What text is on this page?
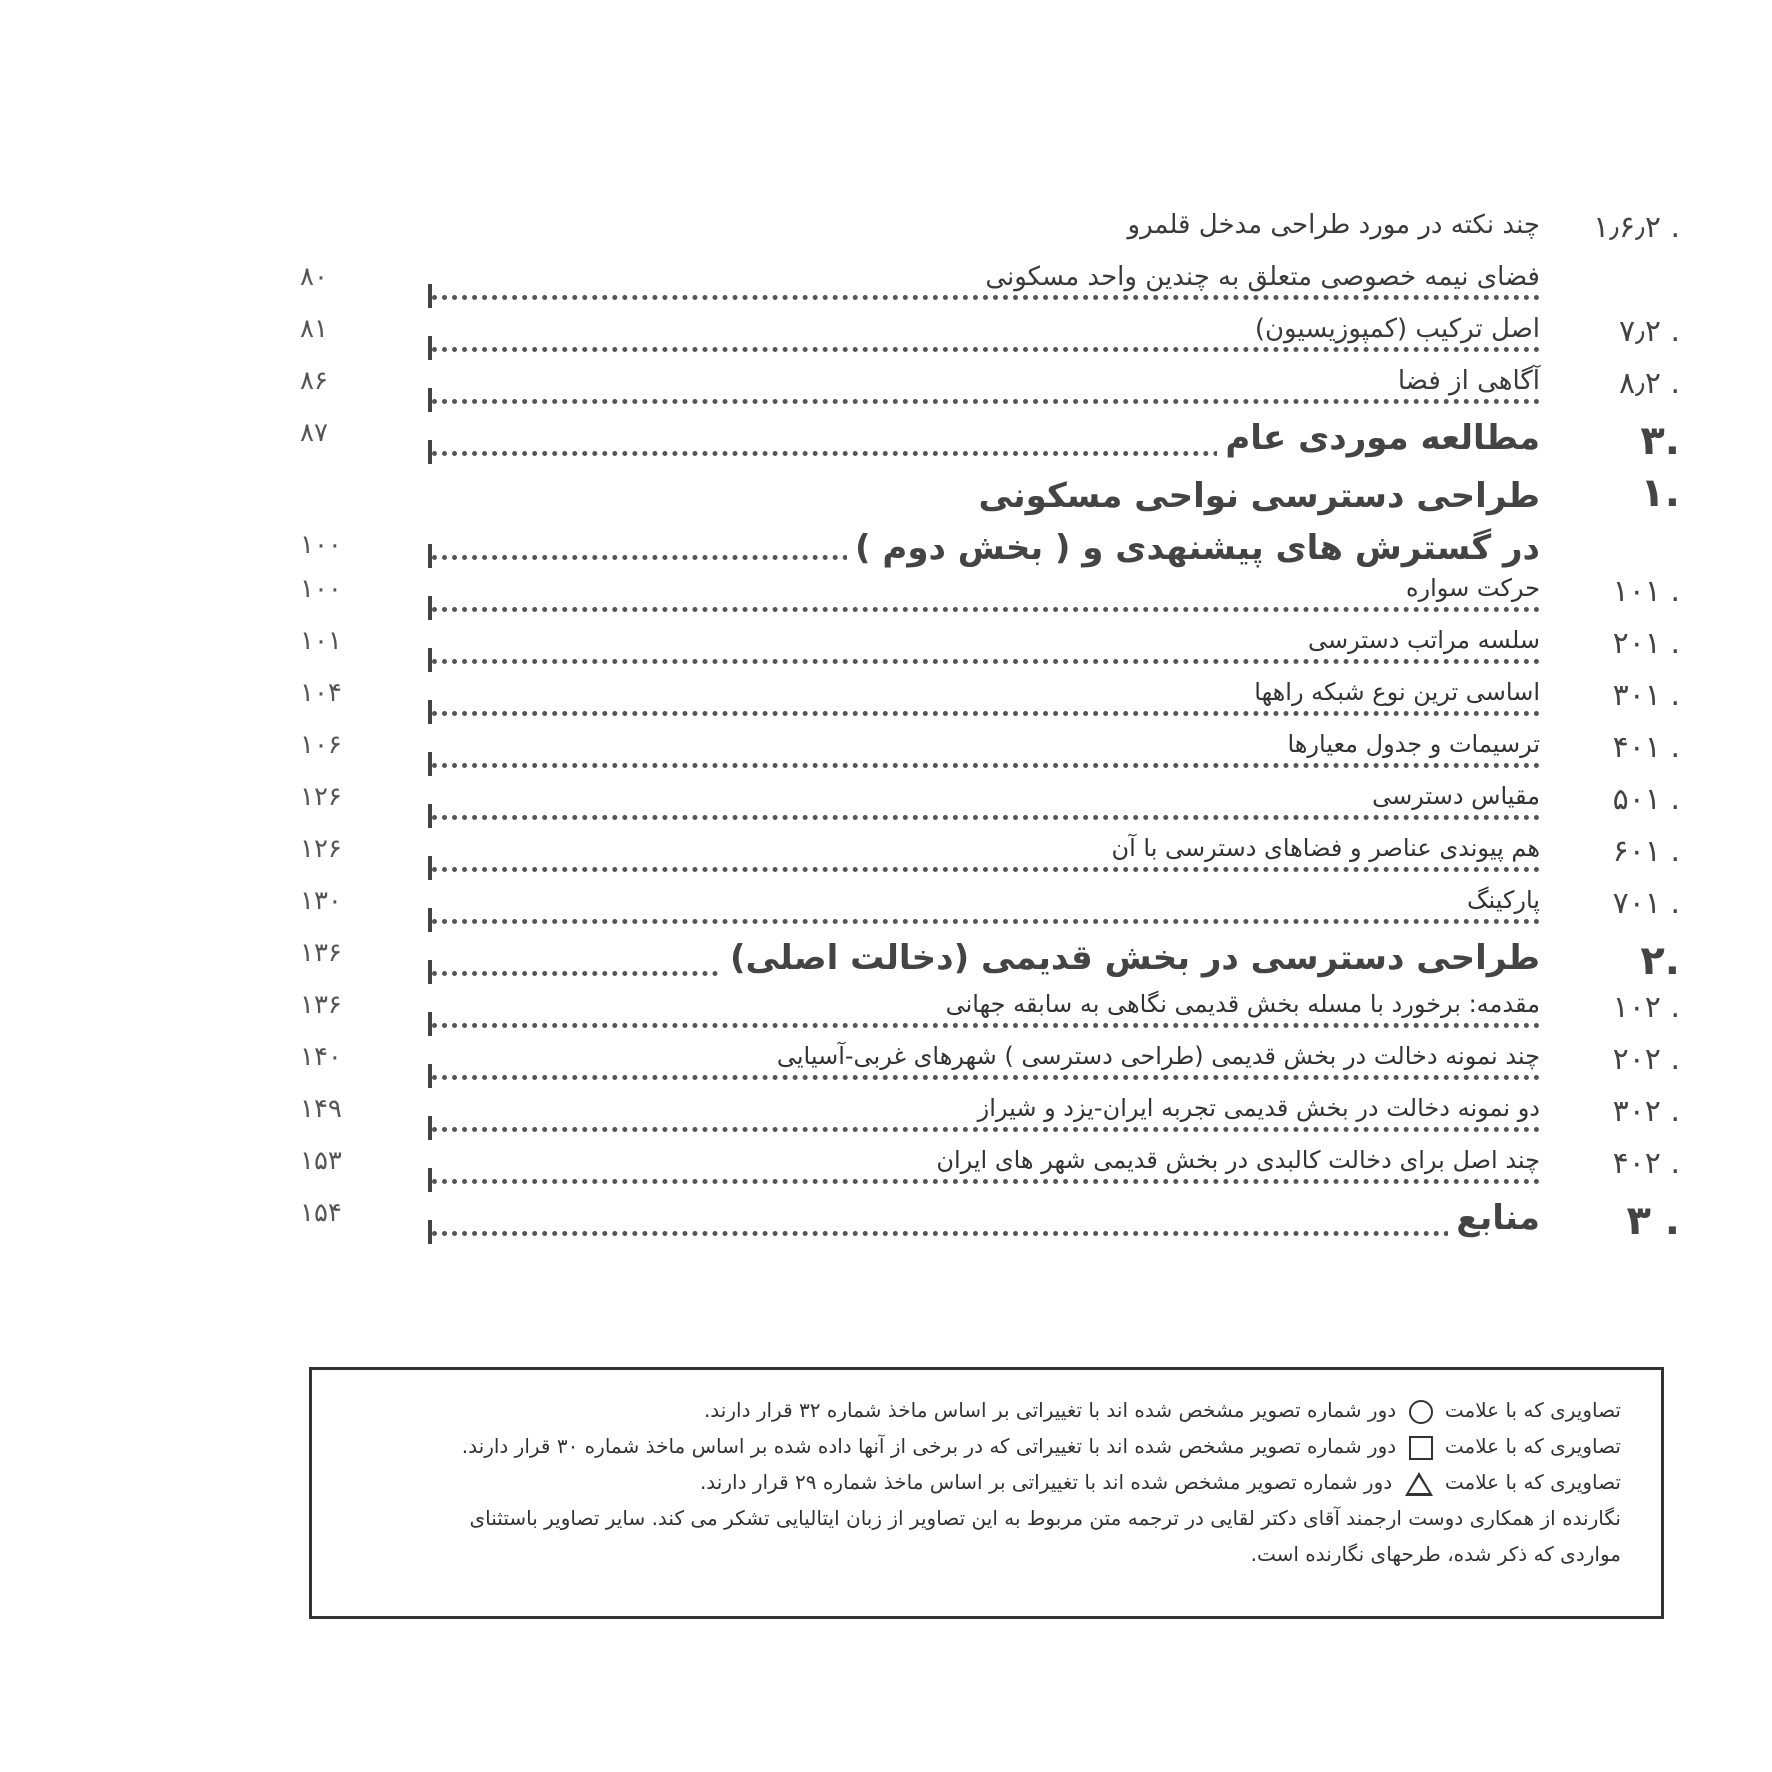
۱٫۶٫۲ .
چند نکته در مورد طراحی مدخل قلمرو
فضای نیمه خصوصی متعلق به چندین واحد مسکونی
۸۰
۷٫۲ .
اصل ترکیب (کمپوزیسیون)
۸۱
۸٫۲ .
آگاهی از فضا
۸۶
۳.
مطالعه موردی عام
۸۷
۱.
طراحی دسترسی نواحی مسکونی
در گسترش های پیشنهدی و ( بخش دوم )
۱۰۰
۱۰۱ .
حرکت سواره
۱۰۰
۲۰۱ .
سلسه مراتب دسترسی
۱۰۱
۳۰۱ .
اساسی ترین نوع شبکه راهها
۱۰۴
۴۰۱ .
ترسیمات و جدول معیارها
۱۰۶
۵۰۱ .
مقیاس دسترسی
۱۲۶
۶۰۱ .
هم پیوندی عناصر و فضاهای دسترسی با آن
۱۲۶
۷۰۱ .
پارکینگ
۱۳۰
۲.
طراحی دسترسی در بخش قدیمی (دخالت اصلی)
۱۳۶
۱۰۲ .
مقدمه: برخورد با مسله بخش قدیمی نگاهی به سابقه جهانی
۱۳۶
۲۰۲ .
چند نمونه دخالت در بخش قدیمی (طراحی دسترسی ) شهرهای غربی-آسیایی
۱۴۰
۳۰۲ .
دو نمونه دخالت در بخش قدیمی تجربه ایران-یزد و شیراز
۱۴۹
۴۰۲ .
چند اصل برای دخالت کالبدی در بخش قدیمی شهر های ایران
۱۵۳
۳ .
منابع
۱۵۴
تصاویری که با علامت  دور شماره تصویر مشخص شده اند با تغییراتی بر اساس ماخذ شماره ۳۲ قرار دارند.
تصاویری که با علامت  دور شماره تصویر مشخص شده اند با تغییراتی که در برخی از آنها داده شده بر اساس ماخذ شماره ۳۰ قرار دارند.
تصاویری که با علامت  دور شماره تصویر مشخص شده اند با تغییراتی بر اساس ماخذ شماره ۲۹ قرار دارند.
نگارنده از همکاری دوست ارجمند آقای دکتر لقایی در ترجمه متن مربوط به این تصاویر از زبان ایتالیایی تشکر می کند. سایر تصاویر باستثنای
مواردی که ذکر شده، طرحهای نگارنده است.
